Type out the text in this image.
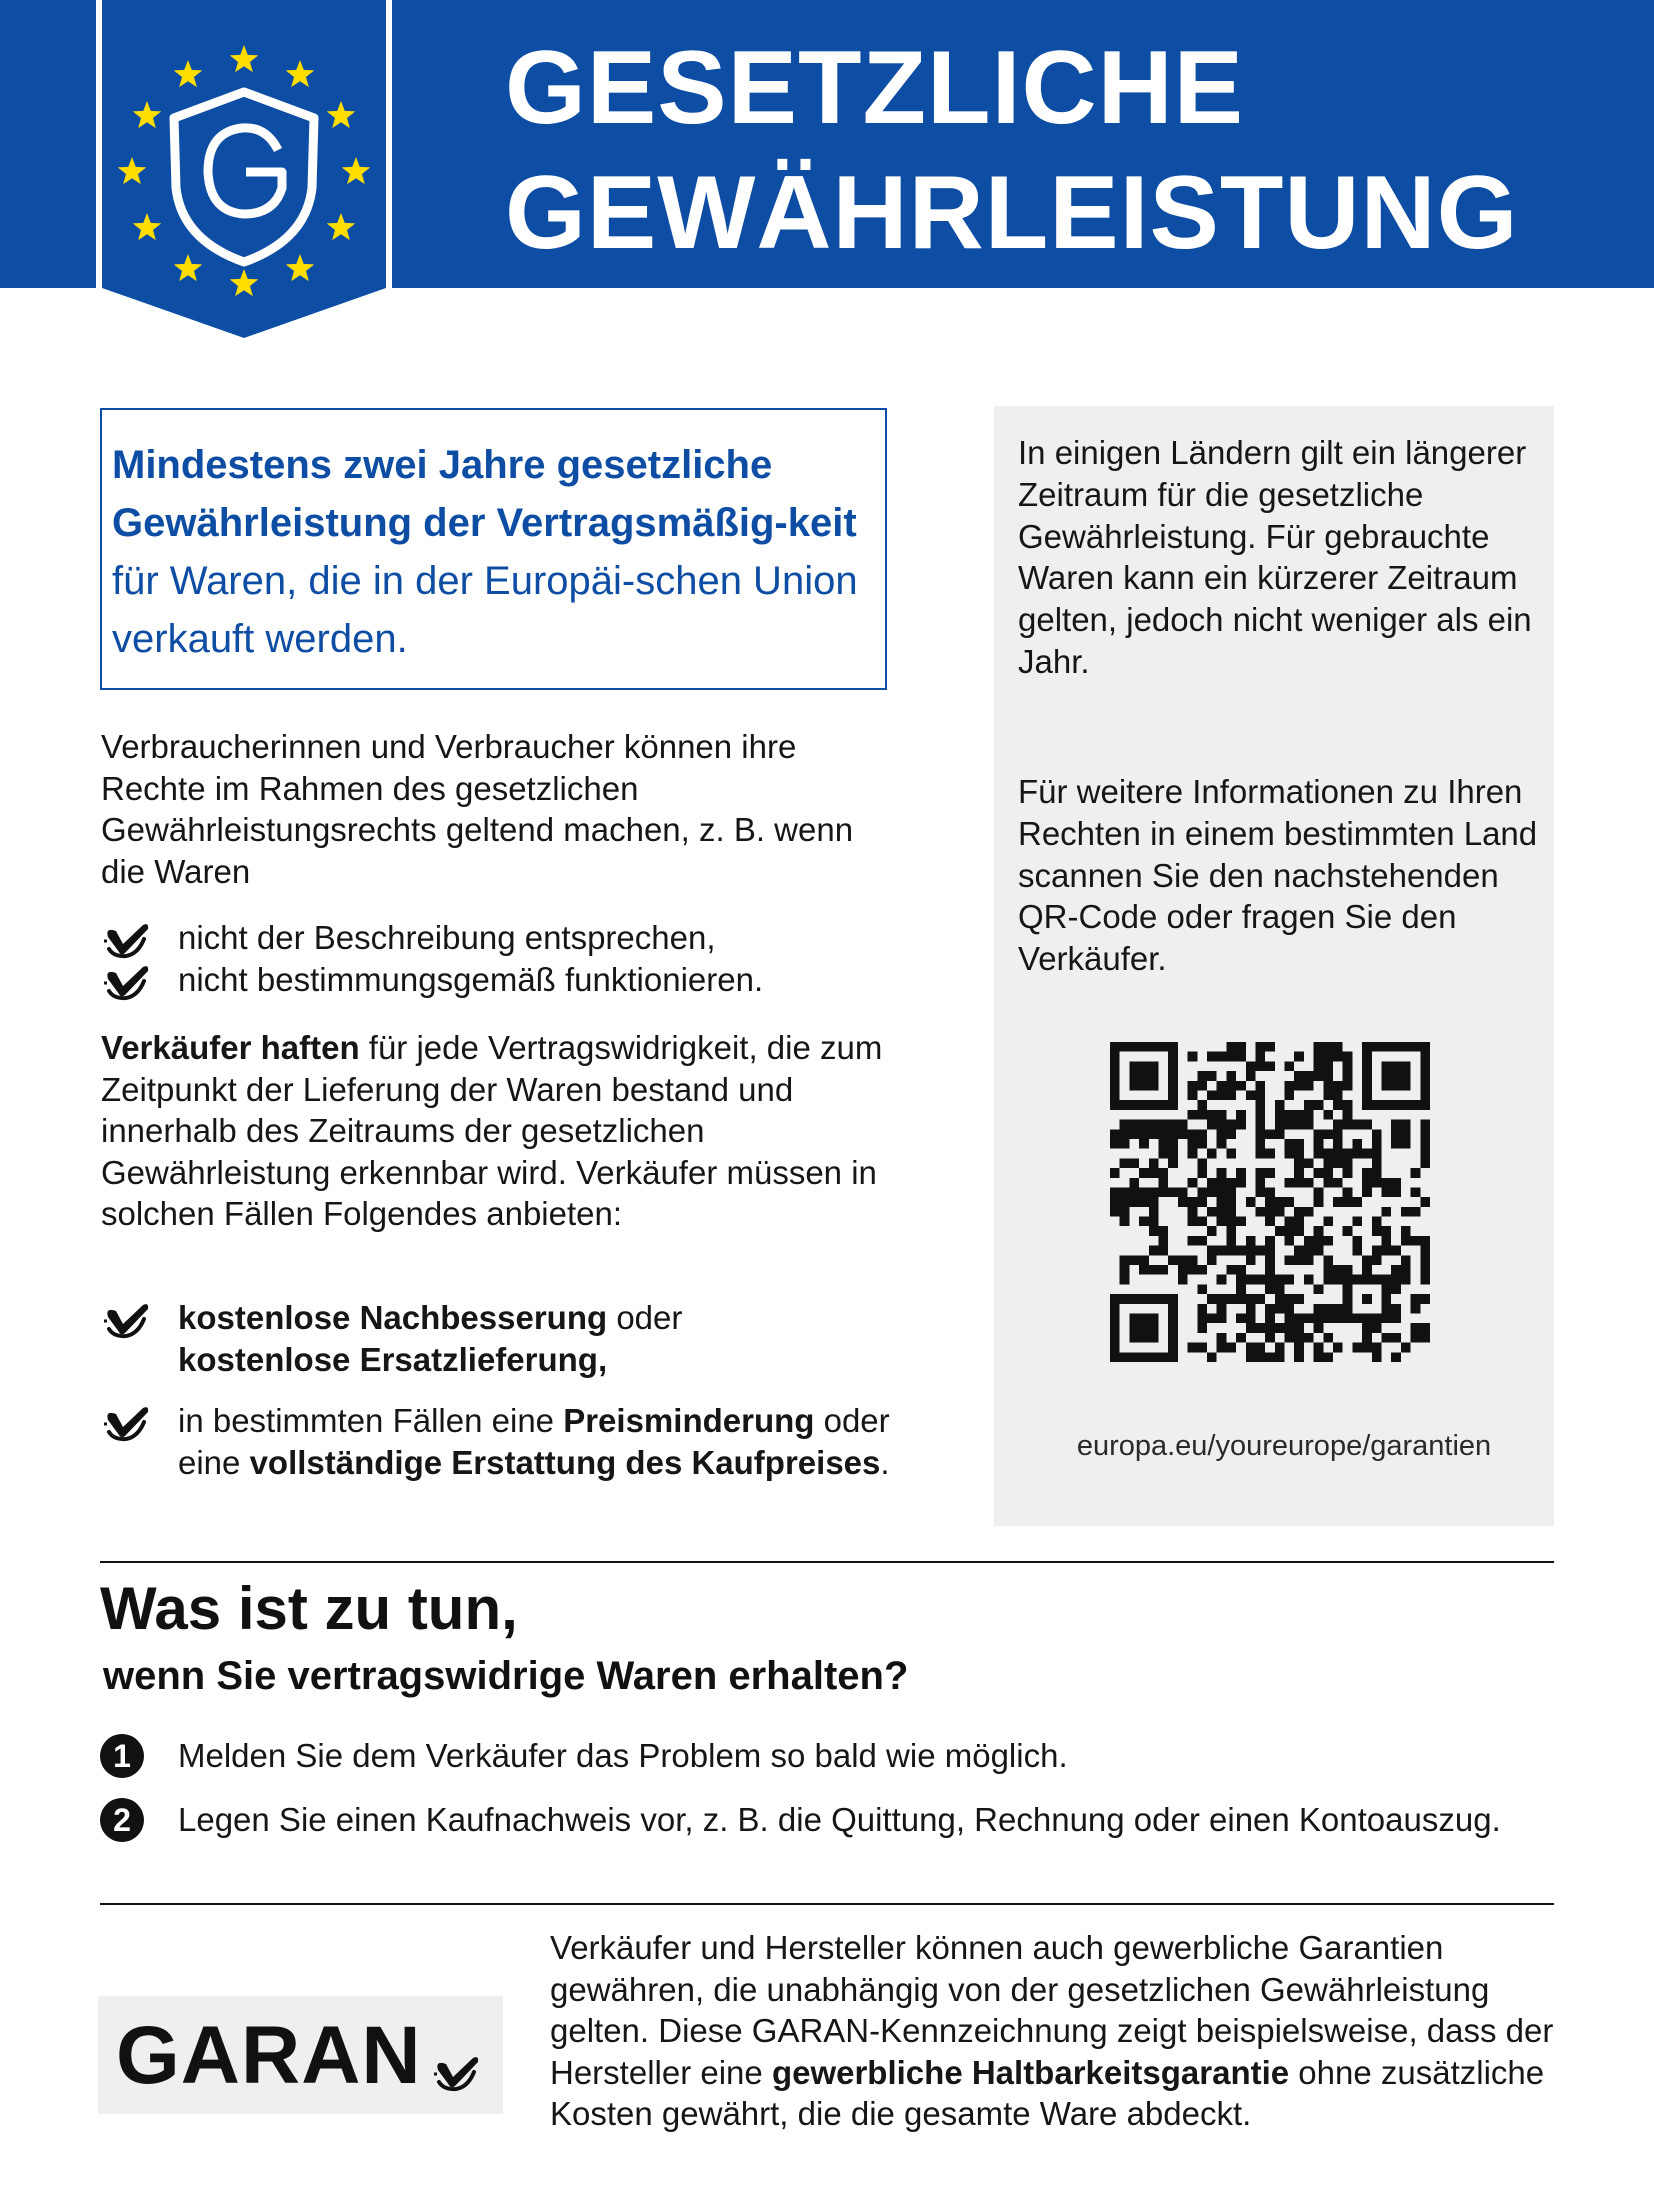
GESETZLICHE
GEWÄHRLEISTUNG
Mindestens zwei Jahre gesetzliche Gewährleistung der Vertragsmäßig-keit für Waren, die in der Europäi-schen Union verkauft werden.
Verbraucherinnen und Verbraucher können ihre Rechte im Rahmen des gesetzlichen Gewährleistungsrechts geltend machen, z. B. wenn die Waren
nicht der Beschreibung entsprechen,
nicht bestimmungsgemäß funktionieren.
Verkäufer haften für jede Vertragswidrigkeit, die zum Zeitpunkt der Lieferung der Waren bestand und innerhalb des Zeitraums der gesetzlichen Gewährleistung erkennbar wird. Verkäufer müssen in solchen Fällen Folgendes anbieten:
kostenlose Nachbesserung oder
kostenlose Ersatzlieferung,
in bestimmten Fällen eine Preisminderung oder eine vollständige Erstattung des Kaufpreises.
In einigen Ländern gilt ein längerer Zeitraum für die gesetzliche Gewährleistung. Für gebrauchte Waren kann ein kürzerer Zeitraum gelten, jedoch nicht weniger als ein Jahr.
Für weitere Informationen zu Ihren Rechten in einem bestimmten Land scannen Sie den nachstehenden QR-Code oder fragen Sie den Verkäufer.
europa.eu/youreurope/garantien
Was ist zu tun,
wenn Sie vertragswidrige Waren erhalten?
1	Melden Sie dem Verkäufer das Problem so bald wie möglich.
2	Legen Sie einen Kaufnachweis vor, z. B. die Quittung, Rechnung oder einen Kontoauszug.
GARAN
Verkäufer und Hersteller können auch gewerbliche Garantien gewähren, die unabhängig von der gesetzlichen Gewährleistung gelten. Diese GARAN-Kennzeichnung zeigt beispielsweise, dass der Hersteller eine gewerbliche Haltbarkeitsgarantie ohne zusätzliche Kosten gewährt, die die gesamte Ware abdeckt.
